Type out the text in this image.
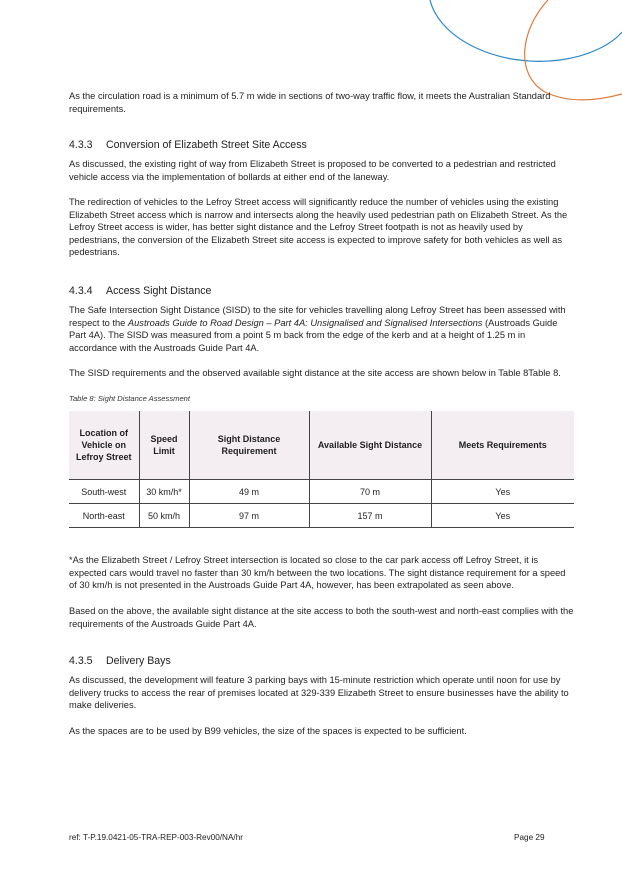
As the circulation road is a minimum of 5.7 m wide in sections of two-way traffic flow, it meets the Australian Standard requirements.

4.3.3	Conversion of Elizabeth Street Site Access

As discussed, the existing right of way from Elizabeth Street is proposed to be converted to a pedestrian and restricted vehicle access via the implementation of bollards at either end of the laneway.

The redirection of vehicles to the Lefroy Street access will significantly reduce the number of vehicles using the existing Elizabeth Street access which is narrow and intersects along the heavily used pedestrian path on Elizabeth Street. As the Lefroy Street access is wider, has better sight distance and the Lefroy Street footpath is not as heavily used by pedestrians, the conversion of the Elizabeth Street site access is expected to improve safety for both vehicles as well as pedestrians.

4.3.4	Access Sight Distance

The Safe Intersection Sight Distance (SISD) to the site for vehicles travelling along Lefroy Street has been assessed with respect to the Austroads Guide to Road Design – Part 4A: Unsignalised and Signalised Intersections (Austroads Guide Part 4A). The SISD was measured from a point 5 m back from the edge of the kerb and at a height of 1.25 m in accordance with the Austroads Guide Part 4A.

The SISD requirements and the observed available sight distance at the site access are shown below in Table 8Table 8.

Table 8: Sight Distance Assessment
Location of Vehicle on Lefroy Street	Speed Limit	Sight Distance Requirement	Available Sight Distance	Meets Requirements
South-west	30 km/h*	49 m	70 m	Yes
North-east	50 km/h	97 m	157 m	Yes

*As the Elizabeth Street / Lefroy Street intersection is located so close to the car park access off Lefroy Street, it is expected cars would travel no faster than 30 km/h between the two locations. The sight distance requirement for a speed of 30 km/h is not presented in the Austroads Guide Part 4A, however, has been extrapolated as seen above.

Based on the above, the available sight distance at the site access to both the south-west and north-east complies with the requirements of the Austroads Guide Part 4A.

4.3.5	Delivery Bays

As discussed, the development will feature 3 parking bays with 15-minute restriction which operate until noon for use by delivery trucks to access the rear of premises located at 329-339 Elizabeth Street to ensure businesses have the ability to make deliveries.

As the spaces are to be used by B99 vehicles, the size of the spaces is expected to be sufficient.

ref: T-P.19.0421-05-TRA-REP-003-Rev00/NA/hr	Page 29
